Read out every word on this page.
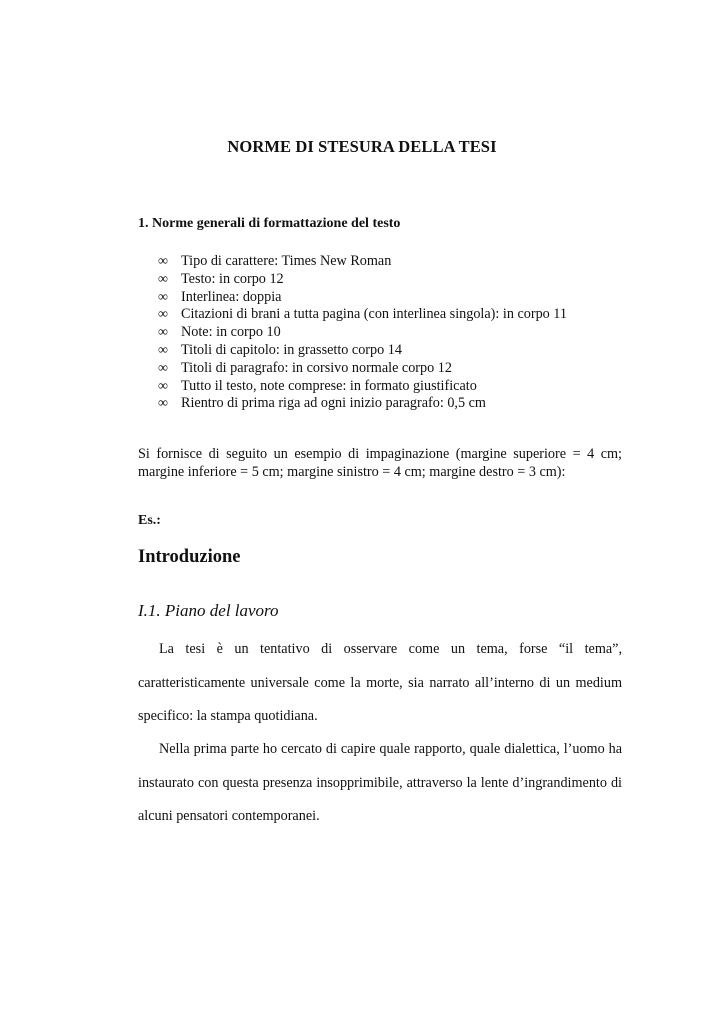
NORME DI STESURA DELLA TESI
1. Norme generali di formattazione del testo
∞ Tipo di carattere: Times New Roman
∞ Testo: in corpo 12
∞ Interlinea: doppia
∞ Citazioni di brani a tutta pagina (con interlinea singola): in corpo 11
∞ Note: in corpo 10
∞ Titoli di capitolo: in grassetto corpo 14
∞ Titoli di paragrafo: in corsivo normale corpo 12
∞ Tutto il testo, note comprese: in formato giustificato
∞ Rientro di prima riga ad ogni inizio paragrafo: 0,5 cm

Si fornisce di seguito un esempio di impaginazione (margine superiore = 4 cm; margine inferiore = 5 cm; margine sinistro = 4 cm; margine destro = 3 cm):

Es.:
Introduzione
I.1. Piano del lavoro

La tesi è un tentativo di osservare come un tema, forse “il tema”, caratteristicamente universale come la morte, sia narrato all’interno di un medium specifico: la stampa quotidiana.

Nella prima parte ho cercato di capire quale rapporto, quale dialettica, l’uomo ha instaurato con questa presenza insopprimibile, attraverso la lente d’ingrandimento di alcuni pensatori contemporanei.
